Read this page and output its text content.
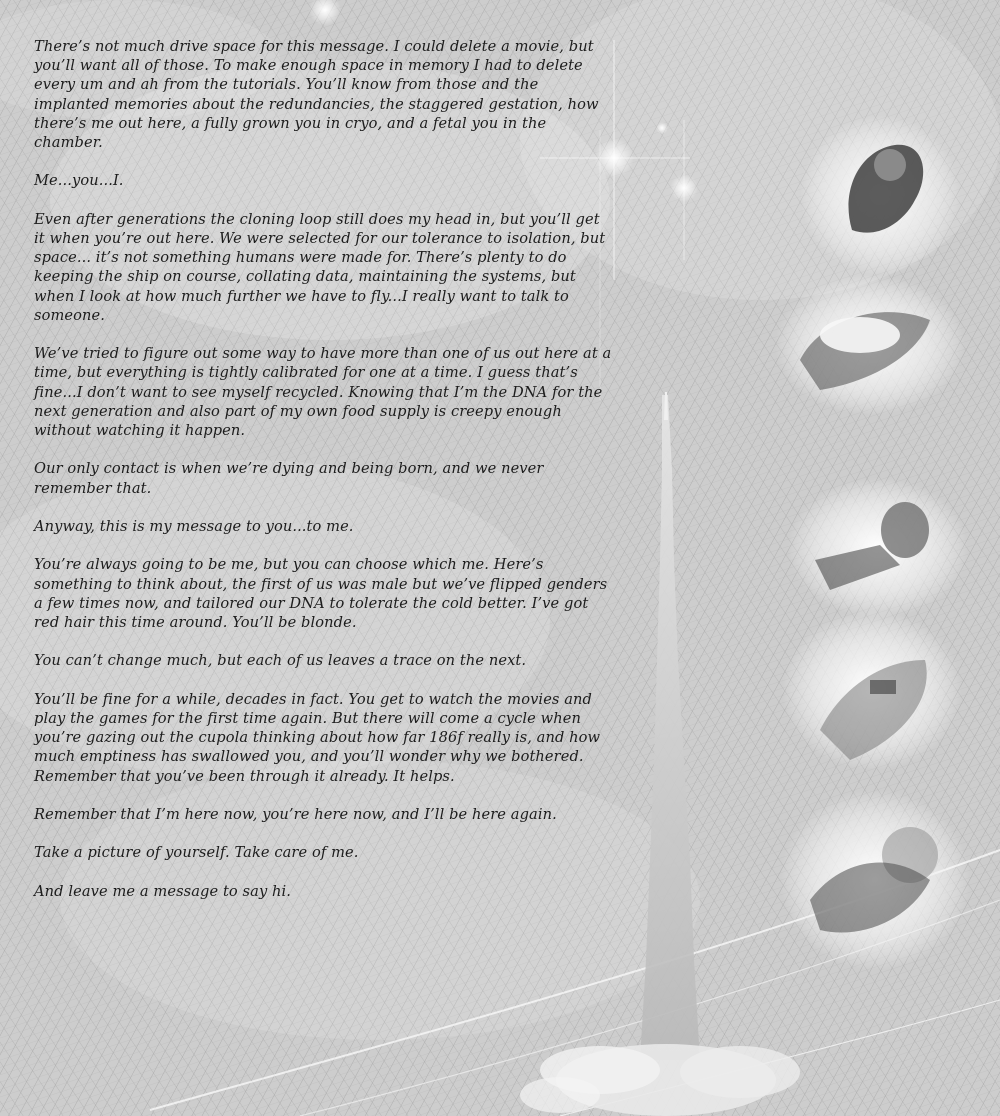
There’s not much drive space for this message. I could delete a movie, but you’ll want all of those. To make enough space in memory I had to delete every um and ah from the tutorials. You’ll know from those and the implanted memories about the redundancies, the staggered gestation, how there’s me out here, a fully grown you in cryo, and a fetal you in the chamber.

Me...you...I.

Even after generations the cloning loop still does my head in, but you’ll get it when you’re out here. We were selected for our tolerance to isolation, but space... it’s not something humans were made for. There’s plenty to do keeping the ship on course, collating data, maintaining the systems, but when I look at how much further we have to fly...I really want to talk to someone.

We’ve tried to figure out some way to have more than one of us out here at a time, but everything is tightly calibrated for one at a time. I guess that’s fine...I don’t want to see myself recycled. Knowing that I’m the DNA for the next generation and also part of my own food supply is creepy enough without watching it happen.

Our only contact is when we’re dying and being born, and we never remember that.

Anyway, this is my message to you...to me.

You’re always going to be me, but you can choose which me. Here’s something to think about, the first of us was male but we’ve flipped genders a few times now, and tailored our DNA to tolerate the cold better. I’ve got red hair this time around. You’ll be blonde.

You can’t change much, but each of us leaves a trace on the next.

You’ll be fine for a while, decades in fact. You get to watch the movies and play the games for the first time again. But there will come a cycle when you’re gazing out the cupola thinking about how far 186f really is, and how much emptiness has swallowed you, and you’ll wonder why we bothered. Remember that you’ve been through it already. It helps.

Remember that I’m here now, you’re here now, and I’ll be here again.

Take a picture of yourself. Take care of me.

And leave me a message to say hi.
